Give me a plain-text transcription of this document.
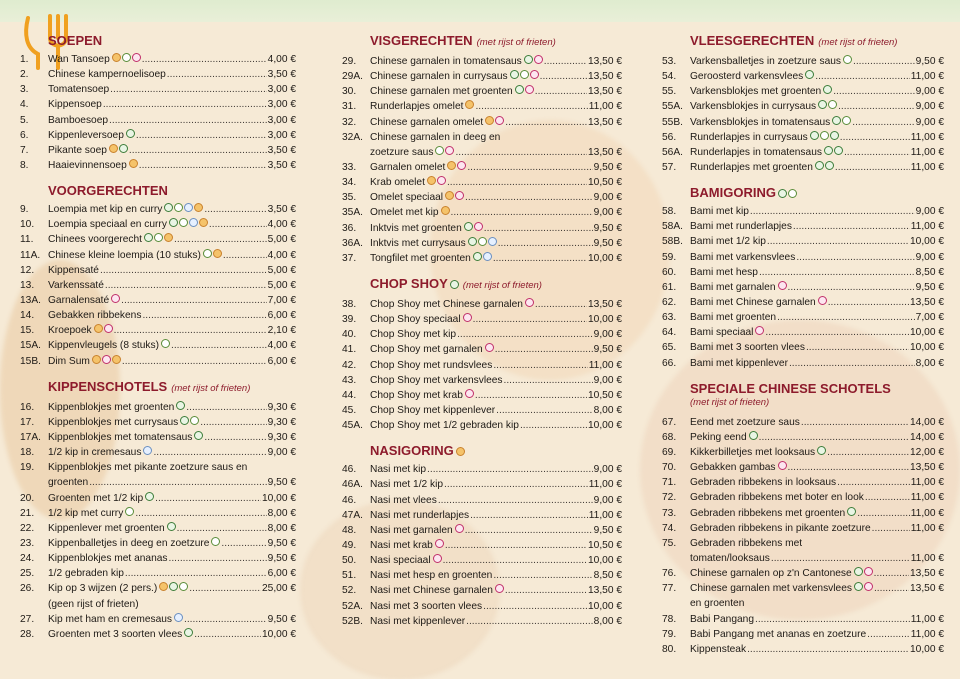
SOEPEN
1.	Wan Tansoep .....	4,00 €
2.	Chinese kampernoelisoep .....	3,50 €
3.	Tomatensoep .....	3,00 €
4.	Kippensoep .....	3,00 €
5.	Bamboesoep .....	3,00 €
6.	Kippenleversoep .....	3,00 €
7.	Pikante soep .....	3,50 €
8.	Haaievinnensoep .....	3,50 €
VOORGERECHTEN
9.	Loempia met kip en curry .....	3,50 €
10.	Loempia speciaal en curry .....	4,00 €
11.	Chinees voorgerecht .....	5,00 €
11A. Chinese kleine loempia (10 stuks) .....	4,00 €
12.	Kippensaté .....	5,00 €
13.	Varkenssaté .....	5,00 €
13A. Garnalensaté .....	7,00 €
14.	Gebakken ribbekens .....	6,00 €
15.	Kroepoek .....	2,10 €
15A. Kippenvleugels (8 stuks) .....	4,00 €
15B. Dim Sum .....	6,00 €
KIPPENSCHOTELS (met rijst of frieten)
16.	Kippenblokjes met groenten .....	9,30 €
17.	Kippenblokjes met currysaus .....	9,30 €
17A. Kippenblokjes met tomatensaus .....	9,30 €
18.	1/2 kip in cremesaus .....	9,00 €
19.	Kippenblokjes met pikante zoetzure saus en
groenten .....	9,50 €
20.	Groenten met 1/2 kip .....	10,00 €
21.	1/2 kip met curry .....	8,00 €
22.	Kippenlever met groenten .....	8,00 €
23.	Kippenballetjes in deeg en zoetzure .....	9,50 €
24.	Kippenblokjes met ananas .....	9,50 €
25.	1/2 gebraden kip .....	6,00 €
26.	Kip op 3 wijzen (2 pers.) .....	25,00 €
(geen rijst of frieten)
27.	Kip met ham en cremesaus .....	9,50 €
28.	Groenten met 3 soorten vlees .....	10,00 €
VISGERECHTEN (met rijst of frieten)
29.	Chinese garnalen in tomatensaus .....	13,50 €
29A. Chinese garnalen in currysaus .....	13,50 €
30.	Chinese garnalen met groenten .....	13,50 €
31.	Runderlapjes omelet .....	11,00 €
32.	Chinese garnalen omelet .....	13,50 €
32A. Chinese garnalen in deeg en
zoetzure saus .....	13,50 €
33.	Garnalen omelet .....	9,50 €
34.	Krab omelet .....	10,50 €
35.	Omelet speciaal .....	9,00 €
35A. Omelet met kip .....	9,00 €
36.	Inktvis met groenten .....	9,50 €
36A. Inktvis met currysaus .....	9,50 €
37.	Tongfilet met groenten .....	10,00 €
CHOP SHOY (met rijst of frieten)
38.	Chop Shoy met Chinese garnalen .....	13,50 €
39.	Chop Shoy speciaal .....	10,00 €
40.	Chop Shoy met kip .....	9,00 €
41.	Chop Shoy met garnalen .....	9,50 €
42.	Chop Shoy met rundsvlees .....	11,00 €
43.	Chop Shoy met varkensvlees .....	9,00 €
44.	Chop Shoy met krab .....	10,50 €
45.	Chop Shoy met kippenlever .....	8,00 €
45A. Chop Shoy met 1/2 gebraden kip .....	10,00 €
NASIGORING
46.	Nasi met kip .....	9,00 €
46A. Nasi met 1/2 kip .....	11,00 €
46.	Nasi met vlees .....	9,00 €
47A. Nasi met runderlapjes .....	11,00 €
48.	Nasi met garnalen .....	9,50 €
49.	Nasi met krab .....	10,50 €
50.	Nasi speciaal .....	10,00 €
51.	Nasi met hesp en groenten .....	8,50 €
52.	Nasi met Chinese garnalen .....	13,50 €
52A. Nasi met 3 soorten vlees .....	10,00 €
52B. Nasi met kippenlever .....	8,00 €
VLEESGERECHTEN (met rijst of frieten)
53.	Varkensballetjes in zoetzure saus .....	9,50 €
54.	Geroosterd varkensvlees .....	11,00 €
55.	Varkensblokjes met groenten .....	9,00 €
55A. Varkensblokjes in currysaus .....	9,00 €
55B. Varkensblokjes in tomatensaus .....	9,00 €
56.	Runderlapjes in currysaus .....	11,00 €
56A. Runderlapjes in tomatensaus .....	11,00 €
57.	Runderlapjes met groenten .....	11,00 €
BAMIGORING
58.	Bami met kip .....	9,00 €
58A. Bami met runderlapjes .....	11,00 €
58B. Bami met 1/2 kip .....	10,00 €
59.	Bami met varkensvlees .....	9,00 €
60.	Bami met hesp .....	8,50 €
61.	Bami met garnalen .....	9,50 €
62.	Bami met Chinese garnalen .....	13,50 €
63.	Bami met groenten .....	7,00 €
64.	Bami speciaal .....	10,00 €
65.	Bami met 3 soorten vlees .....	10,00 €
66.	Bami met kippenlever .....	8,00 €
SPECIALE CHINESE SCHOTELS
(met rijst of frieten)
67.	Eend met zoetzure saus .....	14,00 €
68.	Peking eend .....	14,00 €
69.	Kikkerbilletjes met looksaus .....	12,00 €
70.	Gebakken gambas .....	13,50 €
71.	Gebraden ribbekens in looksaus .....	11,00 €
72.	Gebraden ribbekens met boter en look .....	11,00 €
73.	Gebraden ribbekens met groenten .....	11,00 €
74.	Gebraden ribbekens in pikante zoetzure .....	11,00 €
75.	Gebraden ribbekens met
tomaten/looksaus .....	11,00 €
76.	Chinese garnalen op z'n Cantonese .....	13,50 €
77.	Chinese garnalen met varkensvlees .....	13,50 €
en groenten
78.	Babi Pangang .....	11,00 €
79.	Babi Pangang met ananas en zoetzure .....	11,00 €
80.	Kippensteak .....	10,00 €
